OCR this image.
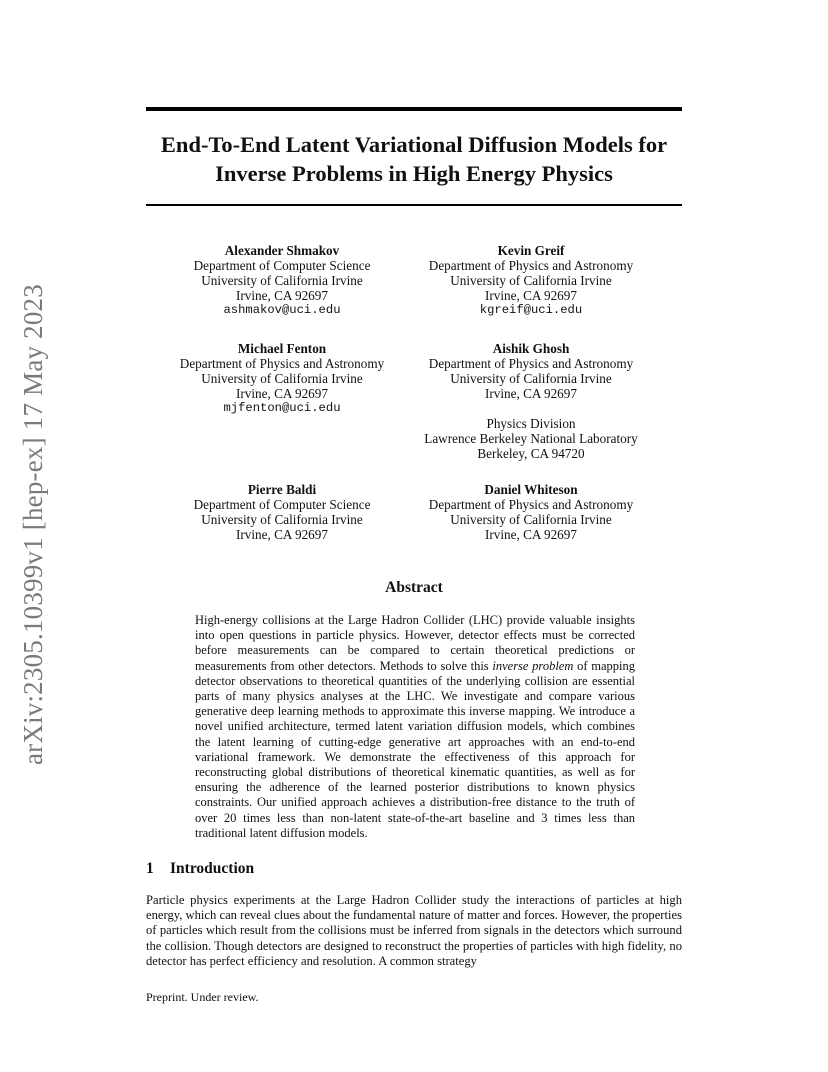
arXiv:2305.10399v1 [hep-ex] 17 May 2023
End-To-End Latent Variational Diffusion Models for
Inverse Problems in High Energy Physics
Alexander Shmakov
Department of Computer Science
University of California Irvine
Irvine, CA 92697
ashmakov@uci.edu
Kevin Greif
Department of Physics and Astronomy
University of California Irvine
Irvine, CA 92697
kgreif@uci.edu
Michael Fenton
Department of Physics and Astronomy
University of California Irvine
Irvine, CA 92697
mjfenton@uci.edu
Aishik Ghosh
Department of Physics and Astronomy
University of California Irvine
Irvine, CA 92697
Physics Division
Lawrence Berkeley National Laboratory
Berkeley, CA 94720
Pierre Baldi
Department of Computer Science
University of California Irvine
Irvine, CA 92697
Daniel Whiteson
Department of Physics and Astronomy
University of California Irvine
Irvine, CA 92697
Abstract
High-energy collisions at the Large Hadron Collider (LHC) provide valuable insights into open questions in particle physics. However, detector effects must be corrected before measurements can be compared to certain theoretical predictions or measurements from other detectors. Methods to solve this inverse problem of mapping detector observations to theoretical quantities of the underlying collision are essential parts of many physics analyses at the LHC. We investigate and compare various generative deep learning methods to approximate this inverse mapping. We introduce a novel unified architecture, termed latent variation diffusion models, which combines the latent learning of cutting-edge generative art approaches with an end-to-end variational framework. We demonstrate the effectiveness of this approach for reconstructing global distributions of theoretical kinematic quantities, as well as for ensuring the adherence of the learned posterior distributions to known physics constraints. Our unified approach achieves a distribution-free distance to the truth of over 20 times less than non-latent state-of-the-art baseline and 3 times less than traditional latent diffusion models.
1 Introduction
Particle physics experiments at the Large Hadron Collider study the interactions of particles at high energy, which can reveal clues about the fundamental nature of matter and forces. However, the properties of particles which result from the collisions must be inferred from signals in the detectors which surround the collision. Though detectors are designed to reconstruct the properties of particles with high fidelity, no detector has perfect efficiency and resolution. A common strategy
Preprint. Under review.
